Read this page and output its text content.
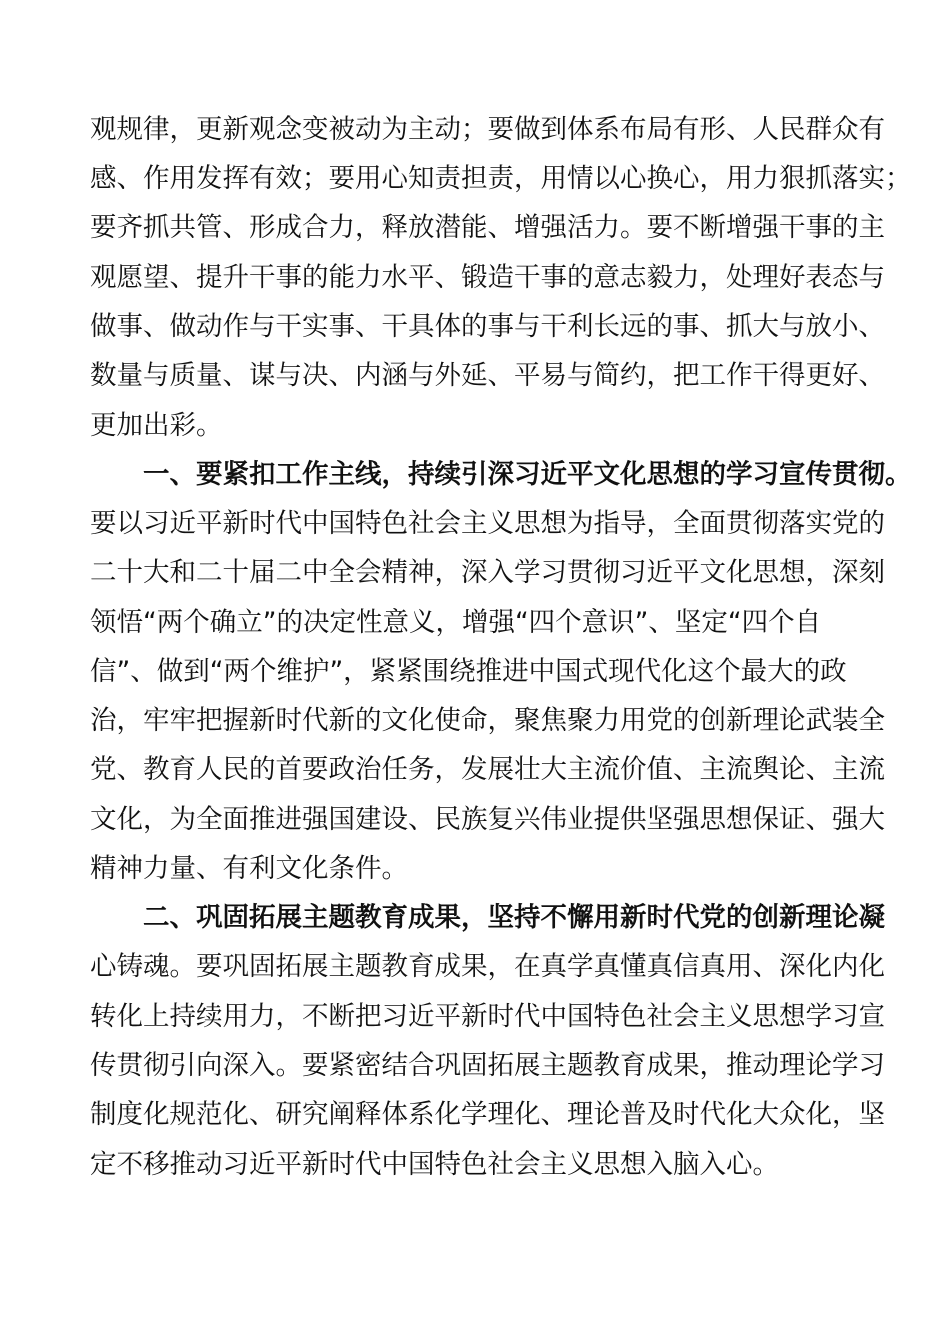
观规律，更新观念变被动为主动；要做到体系布局有形、人民群众有
感、作用发挥有效；要用心知责担责，用情以心换心，用力狠抓落实；
要齐抓共管、形成合力，释放潜能、增强活力。要不断增强干事的主
观愿望、提升干事的能力水平、锻造干事的意志毅力，处理好表态与
做事、做动作与干实事、干具体的事与干利长远的事、抓大与放小、
数量与质量、谋与决、内涵与外延、平易与简约，把工作干得更好、
更加出彩。
一、要紧扣工作主线，持续引深习近平文化思想的学习宣传贯彻。
要以习近平新时代中国特色社会主义思想为指导，全面贯彻落实党的
二十大和二十届二中全会精神，深入学习贯彻习近平文化思想，深刻
领悟“两个确立”的决定性意义，增强“四个意识”、坚定“四个自
信”、做到“两个维护”，紧紧围绕推进中国式现代化这个最大的政
治，牢牢把握新时代新的文化使命，聚焦聚力用党的创新理论武装全
党、教育人民的首要政治任务，发展壮大主流价值、主流舆论、主流
文化，为全面推进强国建设、民族复兴伟业提供坚强思想保证、强大
精神力量、有利文化条件。
二、巩固拓展主题教育成果，坚持不懈用新时代党的创新理论凝
心铸魂。要巩固拓展主题教育成果，在真学真懂真信真用、深化内化
转化上持续用力，不断把习近平新时代中国特色社会主义思想学习宣
传贯彻引向深入。要紧密结合巩固拓展主题教育成果，推动理论学习
制度化规范化、研究阐释体系化学理化、理论普及时代化大众化，坚
定不移推动习近平新时代中国特色社会主义思想入脑入心。
